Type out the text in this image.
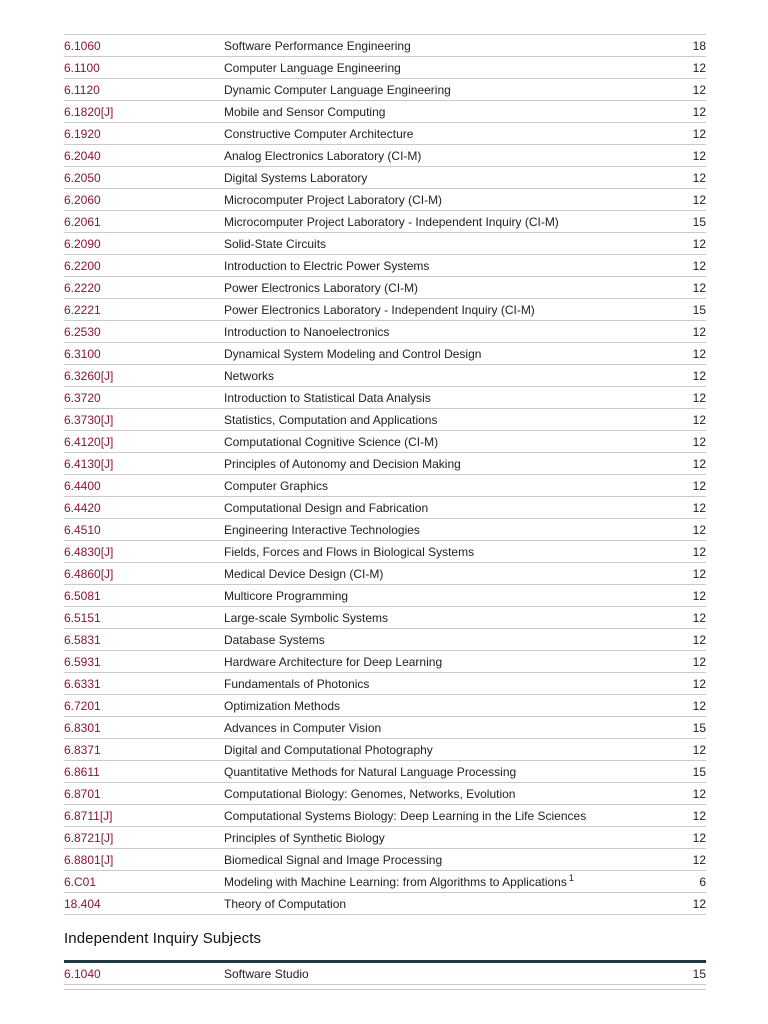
6.1060	Software Performance Engineering	18
6.1100	Computer Language Engineering	12
6.1120	Dynamic Computer Language Engineering	12
6.1820[J]	Mobile and Sensor Computing	12
6.1920	Constructive Computer Architecture	12
6.2040	Analog Electronics Laboratory (CI-M)	12
6.2050	Digital Systems Laboratory	12
6.2060	Microcomputer Project Laboratory (CI-M)	12
6.2061	Microcomputer Project Laboratory - Independent Inquiry (CI-M)	15
6.2090	Solid-State Circuits	12
6.2200	Introduction to Electric Power Systems	12
6.2220	Power Electronics Laboratory (CI-M)	12
6.2221	Power Electronics Laboratory - Independent Inquiry (CI-M)	15
6.2530	Introduction to Nanoelectronics	12
6.3100	Dynamical System Modeling and Control Design	12
6.3260[J]	Networks	12
6.3720	Introduction to Statistical Data Analysis	12
6.3730[J]	Statistics, Computation and Applications	12
6.4120[J]	Computational Cognitive Science (CI-M)	12
6.4130[J]	Principles of Autonomy and Decision Making	12
6.4400	Computer Graphics	12
6.4420	Computational Design and Fabrication	12
6.4510	Engineering Interactive Technologies	12
6.4830[J]	Fields, Forces and Flows in Biological Systems	12
6.4860[J]	Medical Device Design (CI-M)	12
6.5081	Multicore Programming	12
6.5151	Large-scale Symbolic Systems	12
6.5831	Database Systems	12
6.5931	Hardware Architecture for Deep Learning	12
6.6331	Fundamentals of Photonics	12
6.7201	Optimization Methods	12
6.8301	Advances in Computer Vision	15
6.8371	Digital and Computational Photography	12
6.8611	Quantitative Methods for Natural Language Processing	15
6.8701	Computational Biology: Genomes, Networks, Evolution	12
6.8711[J]	Computational Systems Biology: Deep Learning in the Life Sciences	12
6.8721[J]	Principles of Synthetic Biology	12
6.8801[J]	Biomedical Signal and Image Processing	12
6.C01	Modeling with Machine Learning: from Algorithms to Applications $^1$	6
18.404	Theory of Computation	12
Independent Inquiry Subjects
6.1040	Software Studio	15
